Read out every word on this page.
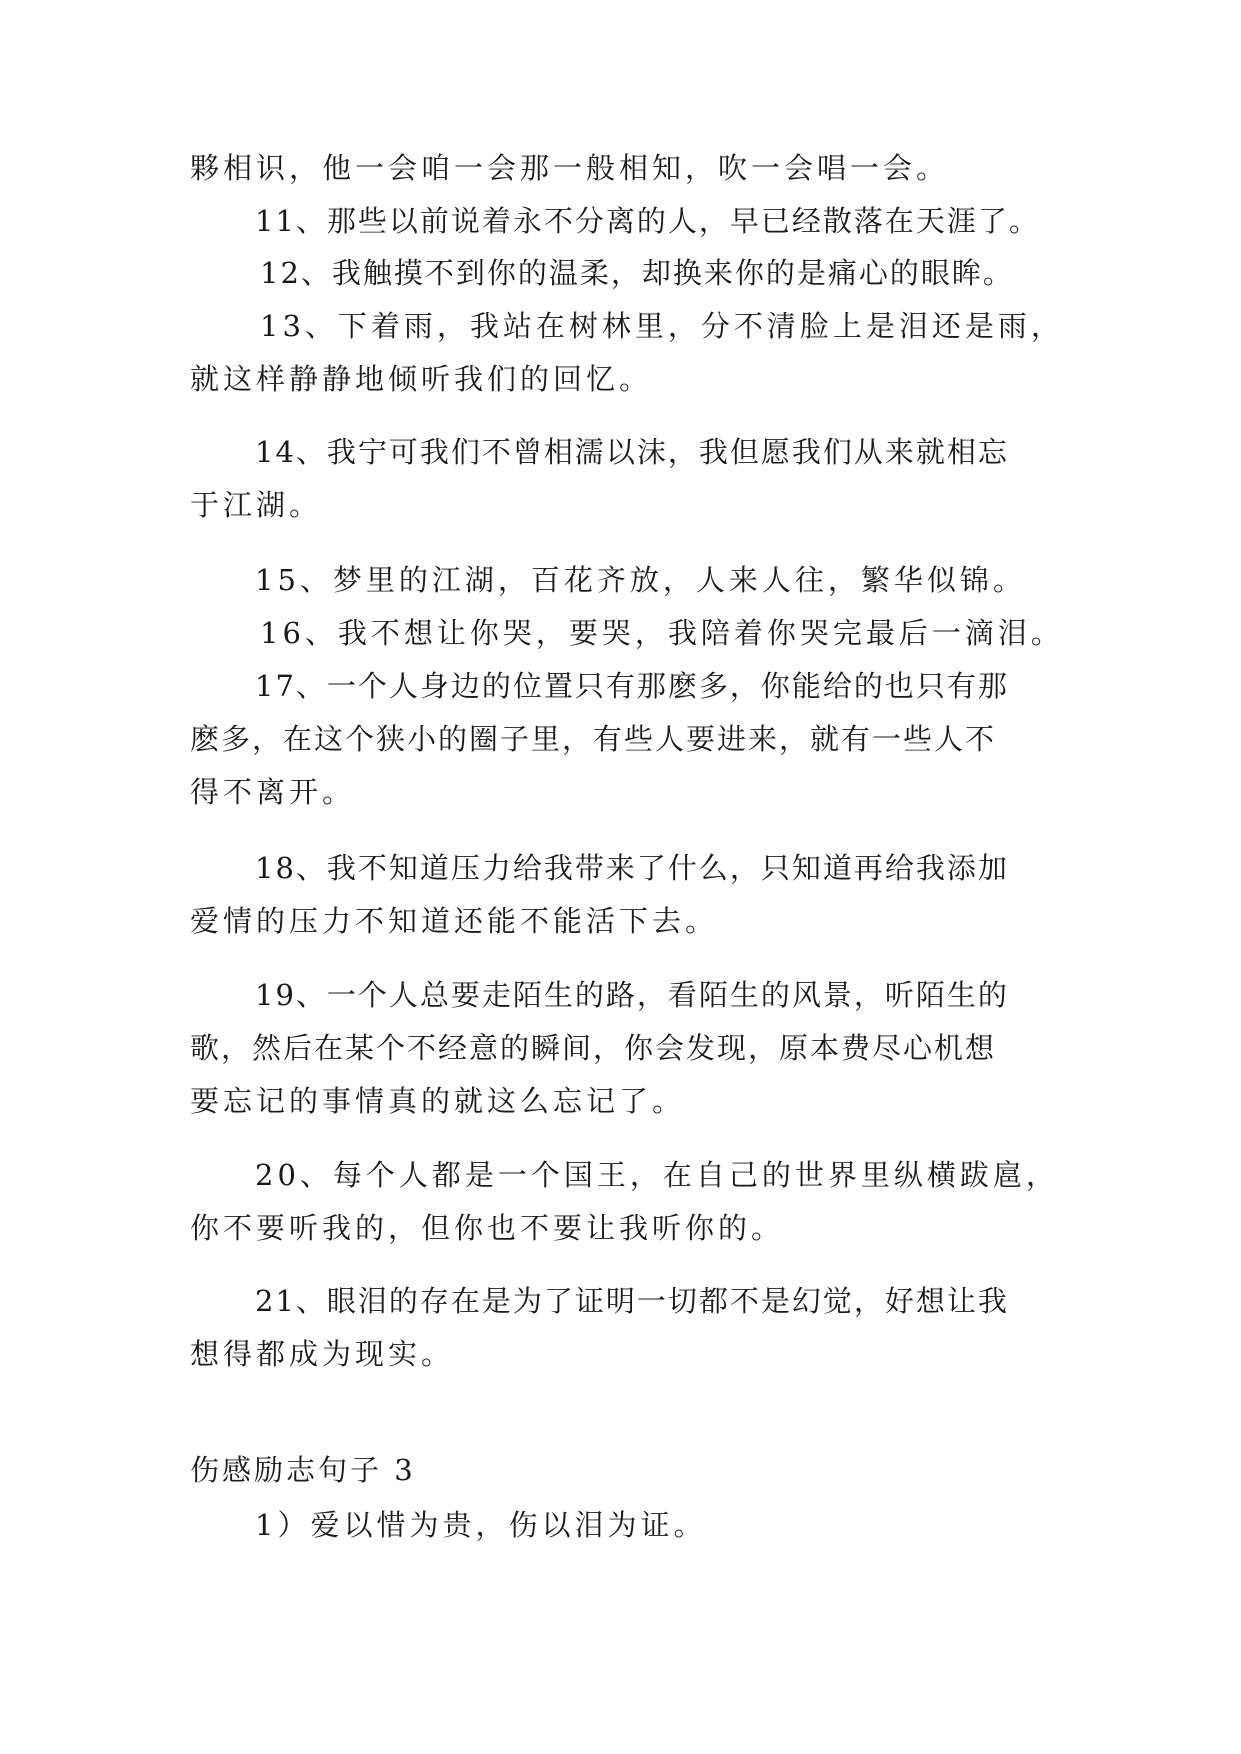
夥相识，他一会咱一会那一般相知，吹一会唱一会。
11、那些以前说着永不分离的人，早已经散落在天涯了。
12、我触摸不到你的温柔，却换来你的是痛心的眼眸。
13、下着雨，我站在树林里，分不清脸上是泪还是雨，
就这样静静地倾听我们的回忆。
14、我宁可我们不曾相濡以沫，我但愿我们从来就相忘
于江湖。
15、梦里的江湖，百花齐放，人来人往，繁华似锦。
16、我不想让你哭，要哭，我陪着你哭完最后一滴泪。
17、一个人身边的位置只有那麽多，你能给的也只有那
麽多，在这个狭小的圈子里，有些人要进来，就有一些人不
得不离开。
18、我不知道压力给我带来了什么，只知道再给我添加
爱情的压力不知道还能不能活下去。
19、一个人总要走陌生的路，看陌生的风景，听陌生的
歌，然后在某个不经意的瞬间，你会发现，原本费尽心机想
要忘记的事情真的就这么忘记了。
20、每个人都是一个国王，在自己的世界里纵横跋扈，
你不要听我的，但你也不要让我听你的。
21、眼泪的存在是为了证明一切都不是幻觉，好想让我
想得都成为现实。
伤感励志句子 3
1）爱以惜为贵，伤以泪为证。
